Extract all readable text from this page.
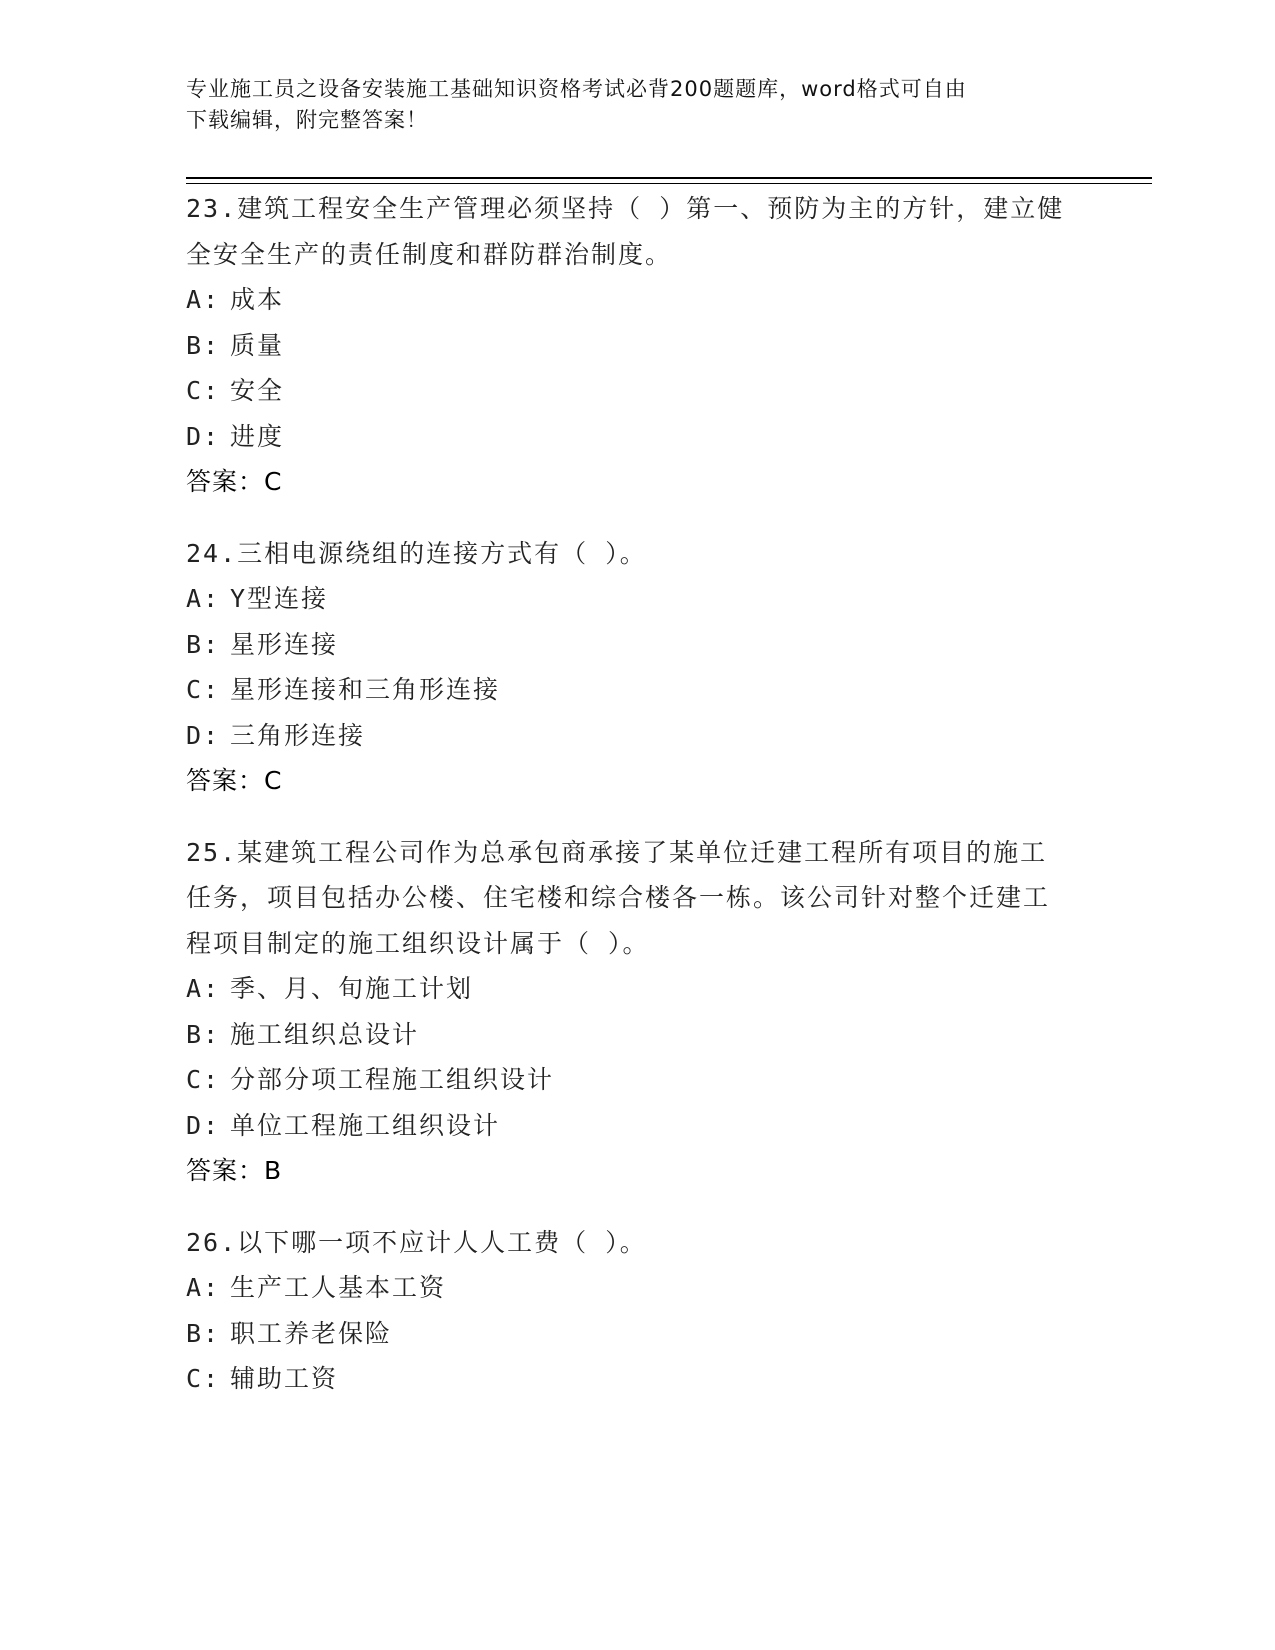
专业施工员之设备安装施工基础知识资格考试必背200题题库，word格式可自由
下载编辑，附完整答案！
23.建筑工程安全生产管理必须坚持（ ）第一、预防为主的方针，建立健全安全生产的责任制度和群防群治制度。
A: 成本
B: 质量
C: 安全
D: 进度
答案：C
24.三相电源绕组的连接方式有（ ）。
A: Y型连接
B: 星形连接
C: 星形连接和三角形连接
D: 三角形连接
答案：C
25.某建筑工程公司作为总承包商承接了某单位迁建工程所有项目的施工任务，项目包括办公楼、住宅楼和综合楼各一栋。该公司针对整个迁建工程项目制定的施工组织设计属于（ ）。
A: 季、月、旬施工计划
B: 施工组织总设计
C: 分部分项工程施工组织设计
D: 单位工程施工组织设计
答案：B
26.以下哪一项不应计人人工费（ ）。
A: 生产工人基本工资
B: 职工养老保险
C: 辅助工资
